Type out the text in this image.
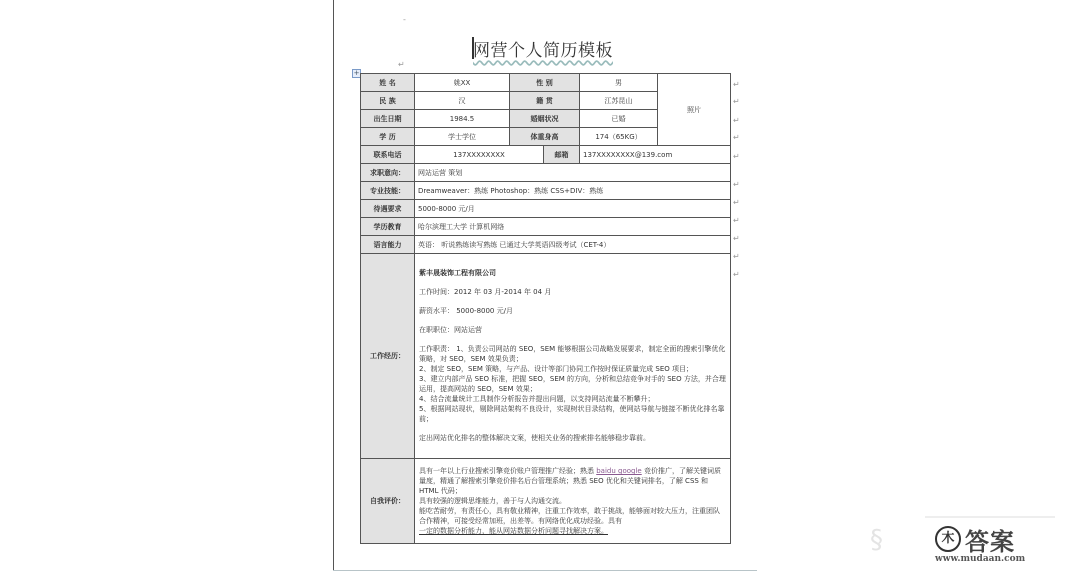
-
网营个人简历模板
↵
+
姓 名	姚XX	性 别		男	照片
民 族	汉	籍 贯		江苏昆山	
出生日期	1984.5	婚姻状况		已婚	
学 历	学士学位	体重身高		174（65KG）	
联系电话	137XXXXXXXX		邮箱	137XXXXXXXX@139.com	
求职意向：	网站运营 策划				
专业技能：	Dreamweaver：熟练 Photoshop：熟练 CSS+DIV：熟练				
待遇要求	5000-8000 元/月				
学历教育	哈尔滨理工大学 计算机网络				
语言能力	英语： 听说熟练读写熟练 已通过大学英语四级考试（CET-4）				
工作经历：	

紫丰晟装饰工程有限公司

工作时间：2012 年 03 月-2014 年 04 月

薪资水平： 5000-8000 元/月

在职职位：网站运营

工作职责： 1、负责公司网站的 SEO，SEM 能够根据公司战略发展要求，制定全面的搜索引擎优化策略，对 SEO，SEM 效果负责；

2、制定 SEO，SEM 策略，与产品、设计等部门协同工作按时保证质量完成 SEO 项目；

3、建立内部产品 SEO 标准，把握 SEO，SEM 的方向，分析和总结竞争对手的 SEO 方法，并合理运用，提高网站的 SEO，SEM 效果；

4、结合流量统计工具制作分析报告并提出问题，以支持网站流量不断攀升；

5、根据网站现状，剔除网站架构不良设计，实现树状目录结构，使网站导航与链接不断优化排名靠前；

定出网站优化排名的整体解决文案，使相关业务的搜索排名能够稳步靠前。

自我评价：	具有一年以上行业搜索引擎竞价账户管理推广经验；熟悉 baidu google 竞价推广，了解关键词质量度，精通了解搜索引擎竞价排名后台管理系统；熟悉 SEO 优化和关键词排名，了解 CSS 和 HTML 代码；

具有较强的逻辑思维能力，善于与人沟通交流。

能吃苦耐劳，有责任心，具有敬业精神，注重工作效率，敢于挑战，能够面对较大压力，注重团队合作精神，可接受经常加班，出差等。有网络优化成功经验。具有

一定的数据分析能力，能从网站数据分析问题寻找解决方案。				

↵
↵
↵
↵
↵
↵
↵
↵
↵
↵
↵
§	木 答案
www.mudaan.com
